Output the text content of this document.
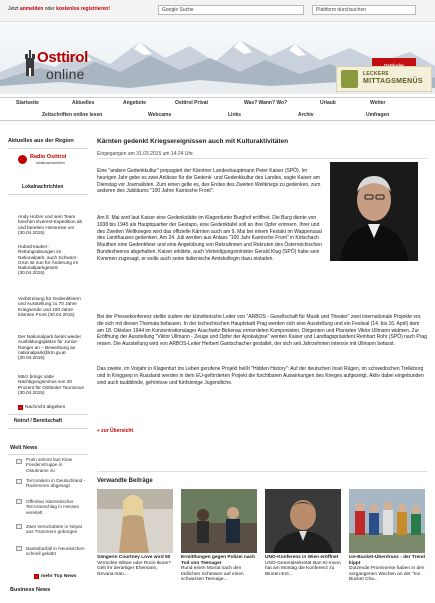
Jetzt anmelden oder kostenlos registrieren!	Google Suche	Plattform durchsuchen
Osttirol
online	LECKERE
MITTAGSMENÜS
Startseite	Aktuelles	Angebote	Osttirol Privat	Was? Wann? Wo?	Urlaub	Wetter
Zeitschriften online lesen	Webcams	Links	Archiv	Umfragen
Aktuelles aus der Region
Radio Osttirol
lokalnachrichten
Lokalnachrichten
Andy Holzer und sein Team brechen Everest-Expedition ab und bereiten Heimreise vor (30.04.2015)
Hubschrauber-Rettungsübungen im Nationalpark: auch Schwarz-Grün ist nun für Änderung im Nationalparkgesetz (30.04.2015)
Vorbereitung für Gedenkfeiern und Ausstellung zu 70 Jahre Kriegsende und 100 Jahre Kärnten Front (30.04.2015)
Der Nationalpark bietet wieder Ausbildungsplätze für Junior-Ranger an – Bewerbung an nationalpark@ktn.gv.at (30.04.2015)
März brings satte Nächtigungsminus von 20 Prozent für Osttiroler Tourismus (30.04.2015)
› Nachricht abgeben
Notruf / Bereitschaft
Welt News
Putin stimmt laut Kiew Friedenstruppe in Ostukraine zu
Terroralarm in Deutschland - Radrennen abgesagt
Offenbar islamistischer Terroranschlag in Hessen vereitelt
Zwei Verschüttete in Nepal aus Trümmern geborgen
Bankübarfall in Neunkirchen schnell geklärt
› mehr Top News
Business News
Kärnten gedenkt Kriegsereignissen auch mit Kulturaktivitäten
Eingegangen am 31.03.2015 um 14:24 Uhr.
Eine "andere Gedenkkultur" propagiert der Kärntner Landeshauptmann Peter Kaiser (SPÖ). Im heurigen Jahr gebe es zwei Anlässe für die Gedenk- und Gedenkkultur des Landes, sagte Kaiser am Dienstag vor Journalisten. Zum einen gelte es, des Endes des Zweiten Weltkriegs zu gedenken, zum anderen des Jubiläums "100 Jahre Karnische Front".
Am 8. Mai wird laut Kaiser eine Gedenkstätte im Klagenfurter Burghof eröffnet. Die Burg diente von 1938 bis 1945 als Hauptquartier der Gestapo, eine Gedenktafel soll an ihre Opfer erinnern. Ihrer und des Zweiten Weltkrieges wird das offizielle Kärnten auch am 9. Mai bei einem Festakt im Wappensaal des Landhauses gedenken. Am 24. Juli werden aus Anlass "100 Jahr Karnische Front" in Kötschach Mauthen eine Gedenkfeier und eine Angelobung von Rekrutinnen und Rekruten des Österreichischen Bundesheeres abgehalten. Kaiser erklärte, auch Verteidigungsminister Gerald Klug (SPÖ) habe sein Kommen zugesagt, er wolle auch seine italienische Amtskollegin dazu einladen.
Bei der Pressekonferenz stellte zudem der künstlerische Leiter von "ARBOS - Gesellschaft für Musik und Theater" zwei internationale Projekte vor, die sich mit diesen Themata befassen. In der tschechischen Hauptstadt Prag werden sich eine Ausstellung und ein Festival (14. bis 16. April) dem am 18. Oktober 1944 im Konzentrationslager Auschwitz-Birkenau ermordeten Komponisten, Dirigenten und Pianisten Viktor Ullmann widmen. Zur Eröffnung der Ausstellung "Viktor Ullmann - Zeuge und Opfer der Apokalypse" werden Kaiser und Landtagspräsident Reinhart Rohr (SPÖ) nach Prag reisen. Die Ausstellung wird von ARBOS-Leiter Herbert Gantschacher gestaltet, der sich seit Jahrzehnten intensiv mit Ullmann befasst.
Das zweite, im Vorjahr in Klagenfurt ins Leben gerufene Projekt heißt "Hidden History": Auf der deutschen Insel Rügen, im schwedischen Trelleborg und in Kinggsep in Russland werden in dem EU-geförderten Projekt die furchtbaren Auswirkungen des Krieges aufgezeigt. Aktiv dabei eingebunden sind auch taubblinde, gehörlose und fünfsinnige Jugendliche.
» zur Übersicht
Verwandte Beiträge
Sängerin Courtney Love wird 50
Verrückte Witwe oder Rock-Ikone? Gelt ihr derartiger Ehemann, Nirvana-Sän...
Ermittlungen gegen Polizei nach Tod von Teenager
Rund einen Monat nach den tödlichen Schüssen auf einen schwarzen Teenage...
UNO-Konferenz in Wien eröffnet
UNO-Generalsekretär Ban Ki-moon hat am Montag die Konferenz zu Binnen-Ent...
Ice-Bucket-Überdruss - der Trend kippt
Dutzende Prominente haben in den vergangenen Wochen an der "Ice Bucket Cha...
